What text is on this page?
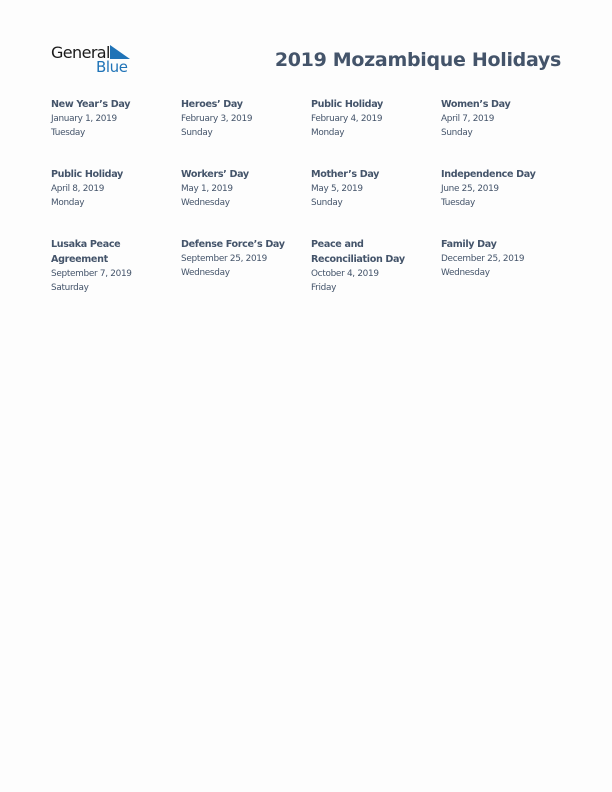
General
Blue	2019 Mozambique Holidays
New Year’s Day
January 1, 2019
Tuesday
Heroes’ Day
February 3, 2019
Sunday
Public Holiday
February 4, 2019
Monday
Women’s Day
April 7, 2019
Sunday
Public Holiday
April 8, 2019
Monday
Workers’ Day
May 1, 2019
Wednesday
Mother’s Day
May 5, 2019
Sunday
Independence Day
June 25, 2019
Tuesday
Lusaka Peace Agreement
September 7, 2019
Saturday
Defense Force’s Day
September 25, 2019
Wednesday
Peace and Reconciliation Day
October 4, 2019
Friday
Family Day
December 25, 2019
Wednesday
